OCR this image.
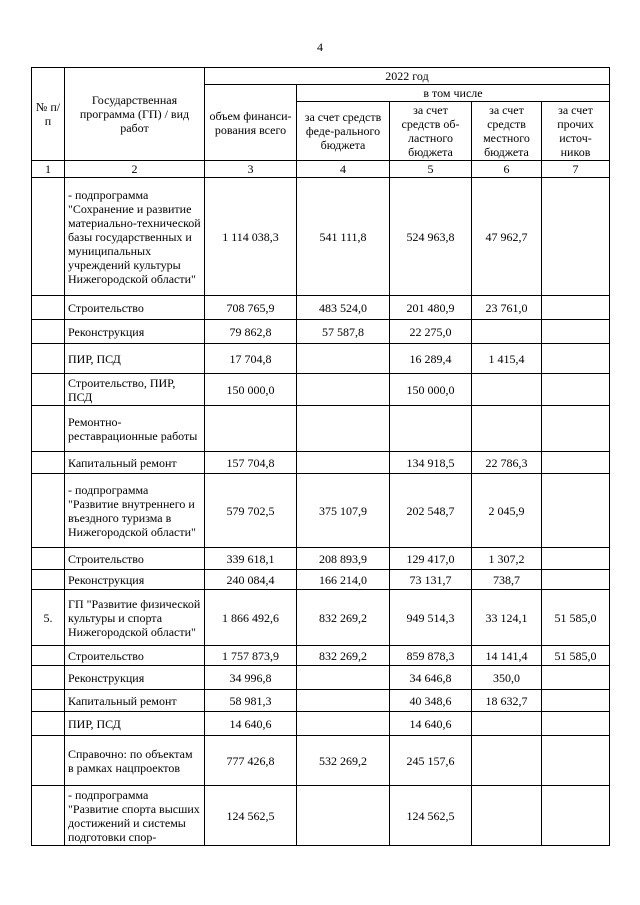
4
№ п/п	Государственная программа (ГП) / вид работ	2022 год				
		объем финанси-рования всего	в том числе			
			за счет средств феде-рального бюджета	за счет средств об-ластного бюджета	за счет средств местного бюджета	за счет прочих источ-ников
1	2	3	4	5	6	7
	- подпрограмма "Сохранение и развитие материально-технической базы государственных и муниципальных учреждений культуры Нижегородской области"	1 114 038,3	541 111,8	524 963,8	47 962,7	
	Строительство	708 765,9	483 524,0	201 480,9	23 761,0	
	Реконструкция	79 862,8	57 587,8	22 275,0		
	ПИР, ПСД	17 704,8		16 289,4	1 415,4	
	Строительство, ПИР, ПСД	150 000,0		150 000,0		
	Ремонтно-реставрационные работы					
	Капитальный ремонт	157 704,8		134 918,5	22 786,3	
	- подпрограмма "Развитие внутреннего и въездного туризма в Нижегородской области"	579 702,5	375 107,9	202 548,7	2 045,9	
	Строительство	339 618,1	208 893,9	129 417,0	1 307,2	
	Реконструкция	240 084,4	166 214,0	73 131,7	738,7	
5.	ГП "Развитие физической культуры и спорта Нижегородской области"	1 866 492,6	832 269,2	949 514,3	33 124,1	51 585,0
	Строительство	1 757 873,9	832 269,2	859 878,3	14 141,4	51 585,0
	Реконструкция	34 996,8		34 646,8	350,0	
	Капитальный ремонт	58 981,3		40 348,6	18 632,7	
	ПИР, ПСД	14 640,6		14 640,6		
	Справочно: по объектам в рамках нацпроектов	777 426,8	532 269,2	245 157,6		
	- подпрограмма "Развитие спорта высших достижений и системы подготовки спор-	124 562,5		124 562,5		
